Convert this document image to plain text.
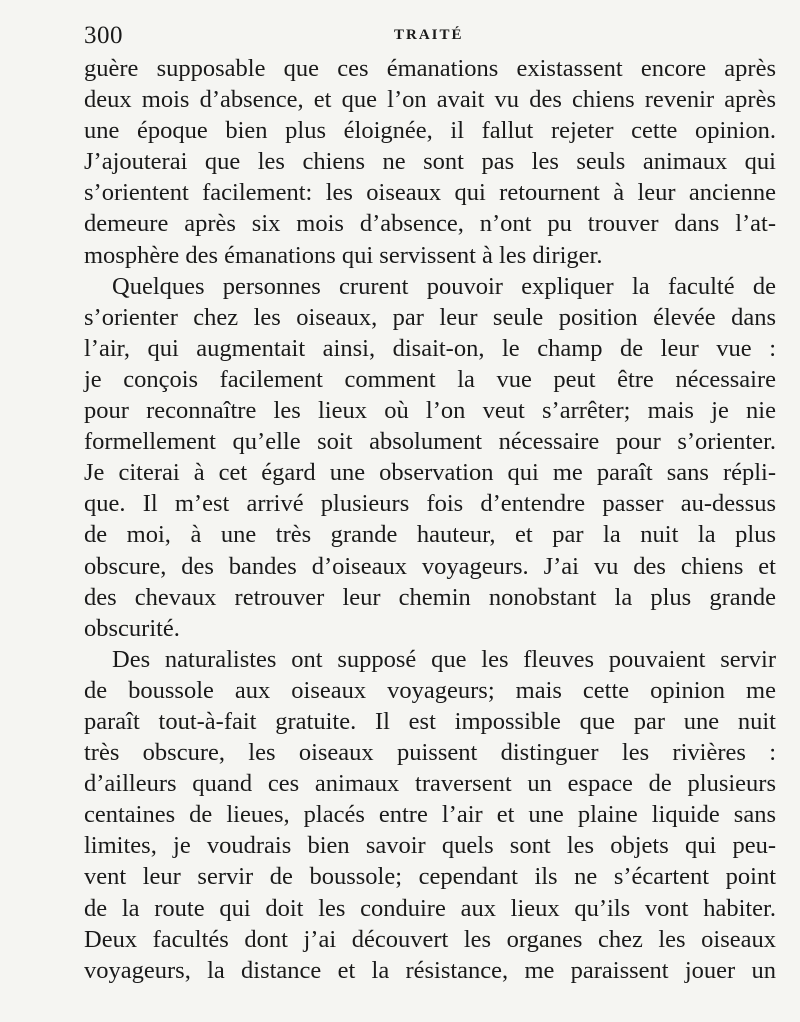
300	TRAITÉ
guère supposable que ces émanations existassent encore après
deux mois d’absence, et que l’on avait vu des chiens revenir après
une époque bien plus éloignée, il fallut rejeter cette opinion.
J’ajouterai que les chiens ne sont pas les seuls animaux qui
s’orientent facilement: les oiseaux qui retournent à leur ancienne
demeure après six mois d’absence, n’ont pu trouver dans l’at-
mosphère des émanations qui servissent à les diriger.
Quelques personnes crurent pouvoir expliquer la faculté de
s’orienter chez les oiseaux, par leur seule position élevée dans
l’air, qui augmentait ainsi, disait-on, le champ de leur vue :
je conçois facilement comment la vue peut être nécessaire
pour reconnaître les lieux où l’on veut s’arrêter; mais je nie
formellement qu’elle soit absolument nécessaire pour s’orienter.
Je citerai à cet égard une observation qui me paraît sans répli-
que. Il m’est arrivé plusieurs fois d’entendre passer au-dessus
de moi, à une très grande hauteur, et par la nuit la plus
obscure, des bandes d’oiseaux voyageurs. J’ai vu des chiens et
des chevaux retrouver leur chemin nonobstant la plus grande
obscurité.
Des naturalistes ont supposé que les fleuves pouvaient servir
de boussole aux oiseaux voyageurs; mais cette opinion me
paraît tout-à-fait gratuite. Il est impossible que par une nuit
très obscure, les oiseaux puissent distinguer les rivières :
d’ailleurs quand ces animaux traversent un espace de plusieurs
centaines de lieues, placés entre l’air et une plaine liquide sans
limites, je voudrais bien savoir quels sont les objets qui peu-
vent leur servir de boussole; cependant ils ne s’écartent point
de la route qui doit les conduire aux lieux qu’ils vont habiter.
Deux facultés dont j’ai découvert les organes chez les oiseaux
voyageurs, la distance et la résistance, me paraissent jouer un
